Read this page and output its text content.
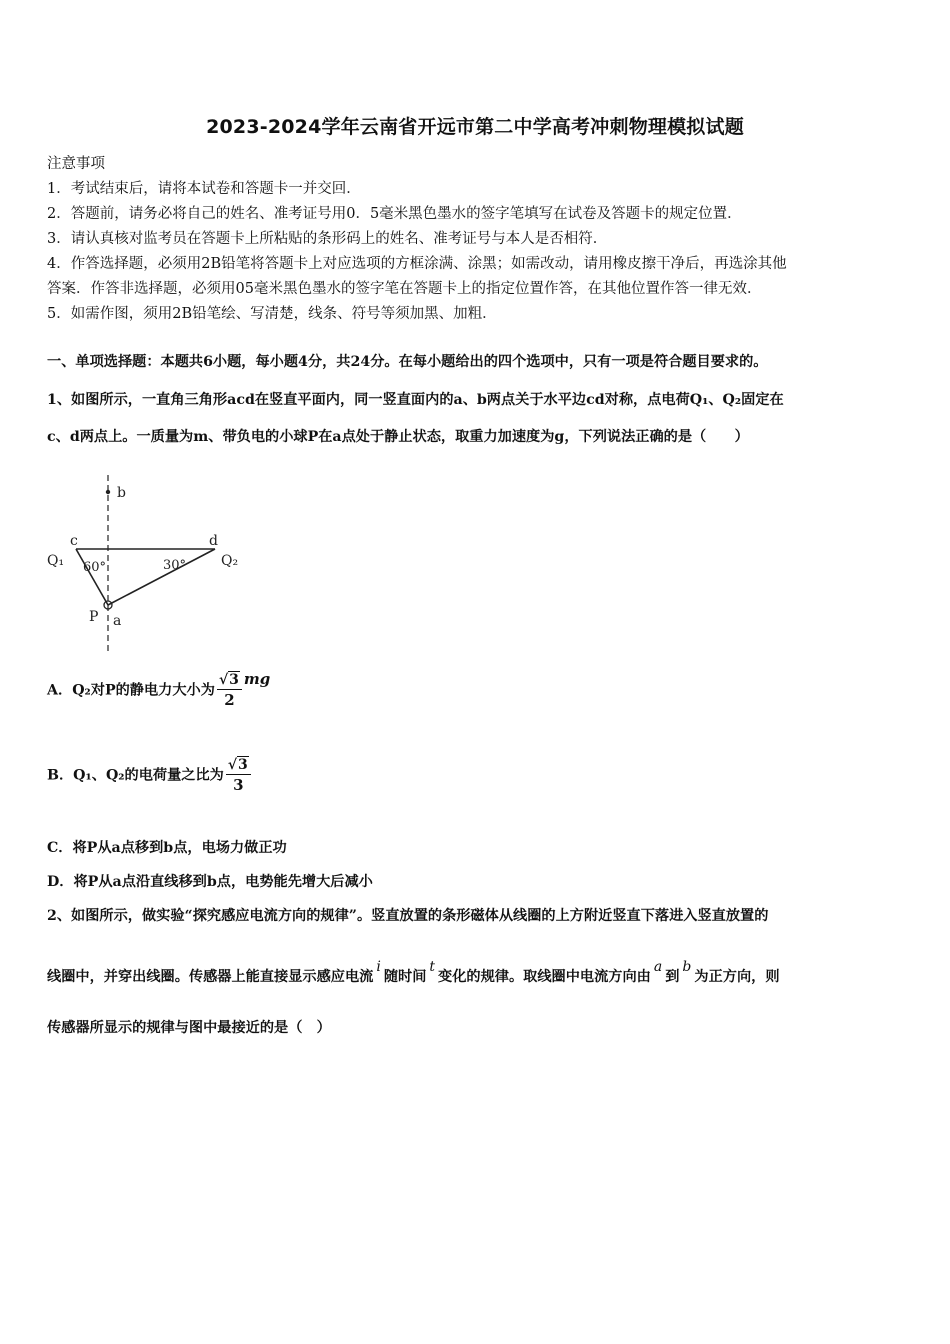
2023-2024学年云南省开远市第二中学高考冲刺物理模拟试题
注意事项
1．考试结束后，请将本试卷和答题卡一并交回．
2．答题前，请务必将自己的姓名、准考证号用0．5毫米黑色墨水的签字笔填写在试卷及答题卡的规定位置．
3．请认真核对监考员在答题卡上所粘贴的条形码上的姓名、准考证号与本人是否相符．
4．作答选择题，必须用2B铅笔将答题卡上对应选项的方框涂满、涂黑；如需改动，请用橡皮擦干净后，再选涂其他
答案．作答非选择题，必须用05毫米黑色墨水的签字笔在答题卡上的指定位置作答，在其他位置作答一律无效．
5．如需作图，须用2B铅笔绘、写清楚，线条、符号等须加黑、加粗．
一、单项选择题：本题共6小题，每小题4分，共24分。在每小题给出的四个选项中，只有一项是符合题目要求的。
1、如图所示，一直角三角形acd在竖直平面内，同一竖直面内的a、b两点关于水平边cd对称，点电荷Q₁、Q₂固定在
c、d两点上。一质量为m、带负电的小球P在a点处于静止状态，取重力加速度为g，下列说法正确的是（　　）
b
c	d
Q₁	Q₂
60°	30°
P a
A．Q₂对P的静电力大小为 $\frac{√3}{2}$ mg
B．Q₁、Q₂的电荷量之比为 $\frac{√3}{3}$
C．将P从a点移到b点，电场力做正功
D．将P从a点沿直线移到b点，电势能先增大后减小
2、如图所示，做实验“探究感应电流方向的规律”。竖直放置的条形磁体从线圈的上方附近竖直下落进入竖直放置的
线圈中，并穿出线圈。传感器上能直接显示感应电流i随时间t变化的规律。取线圈中电流方向由a到b为正方向，则
传感器所显示的规律与图中最接近的是（　）
